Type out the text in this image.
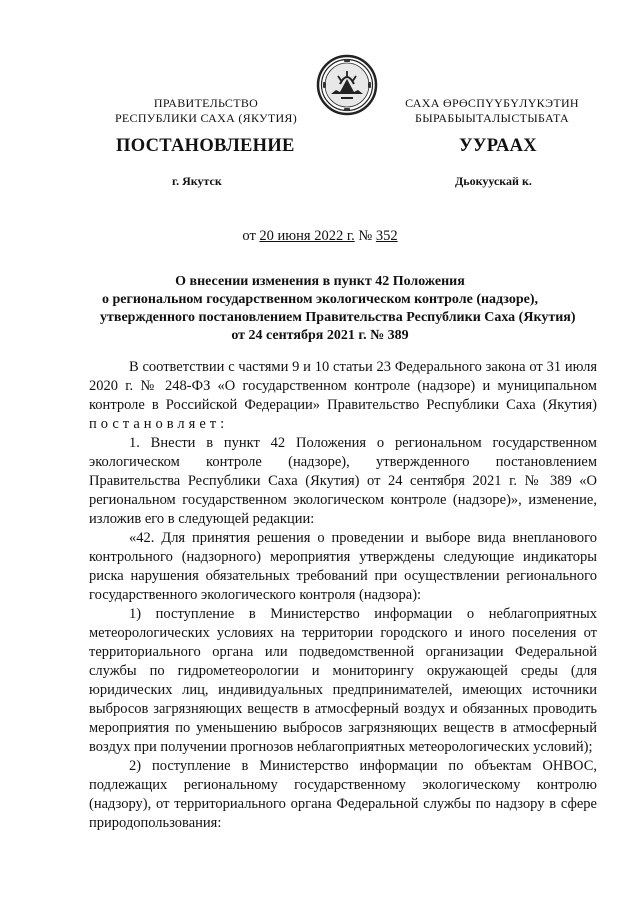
ПРАВИТЕЛЬСТВО
РЕСПУБЛИКИ САХА (ЯКУТИЯ)
САХА ӨРӨСПҮҮБҮЛҮКЭТИН
БЫРАБЫЫТАЛЫСТЫБАТА
ПОСТАНОВЛЕНИЕ	УУРААХ
г. Якутск	Дьокуускай к.
от 20 июня 2022 г. № 352
О внесении изменения в пункт 42 Положения
о региональном государственном экологическом контроле (надзоре),
утвержденного постановлением Правительства Республики Саха (Якутия)
от 24 сентября 2021 г. № 389

В соответствии с частями 9 и 10 статьи 23 Федерального закона от 31 июля 2020 г. № 248-ФЗ «О государственном контроле (надзоре) и муниципальном контроле в Российской Федерации» Правительство Республики Саха (Якутия) постановляет:

1. Внести в пункт 42 Положения о региональном государственном экологическом контроле (надзоре), утвержденного постановлением Правительства Республики Саха (Якутия) от 24 сентября 2021 г. № 389 «О региональном государственном экологическом контроле (надзоре)», изменение, изложив его в следующей редакции:

«42. Для принятия решения о проведении и выборе вида внепланового контрольного (надзорного) мероприятия утверждены следующие индикаторы риска нарушения обязательных требований при осуществлении регионального государственного экологического контроля (надзора):

1) поступление в Министерство информации о неблагоприятных метеорологических условиях на территории городского и иного поселения от территориального органа или подведомственной организации Федеральной службы по гидрометеорологии и мониторингу окружающей среды (для юридических лиц, индивидуальных предпринимателей, имеющих источники выбросов загрязняющих веществ в атмосферный воздух и обязанных проводить мероприятия по уменьшению выбросов загрязняющих веществ в атмосферный воздух при получении прогнозов неблагоприятных метеорологических условий);

2) поступление в Министерство информации по объектам ОНВОС, подлежащих региональному государственному экологическому контролю (надзору), от территориального органа Федеральной службы по надзору в сфере природопользования:
